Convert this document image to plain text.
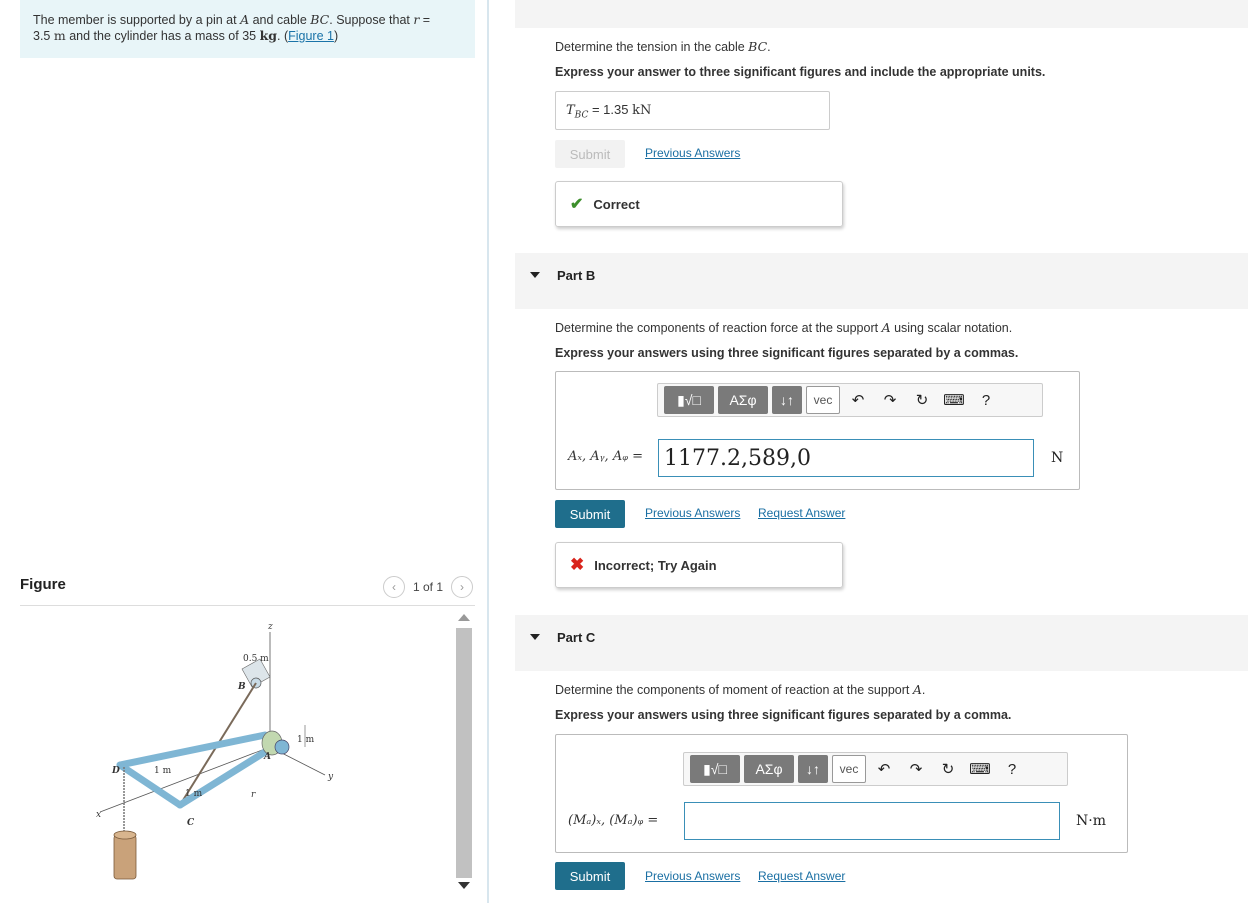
The member is supported by a pin at A and cable BC. Suppose that r =
3.5 m and the cylinder has a mass of 35 kg. (Figure 1)
Figure	‹ 1 of 1 ›
z
0.5 m
B
1 m
A
D	1 m
1 m	r
y
x
C
Determine the tension in the cable BC.
Express your answer to three significant figures and include the appropriate units.
$T_{BC} = 1.35$ kN
Submit	Previous Answers
✔ Correct
Part B
Determine the components of reaction force at the support A using scalar notation.
Express your answers using three significant figures separated by a commas.
▮√□ ΑΣφ ↓↑ vec	↶	↷	↻ ⌨ ?
Aₓ, Aᵧ, Aᵩ = 1177.2,589,0	N
Submit	Previous Answers Request Answer
✖ Incorrect; Try Again
Part C
Determine the components of moment of reaction at the support A.
Express your answers using three significant figures separated by a comma.
▮√□ ΑΣφ ↓↑ vec	↶	↷	↻ ⌨ ?
(Mₐ)ₓ, (Mₐ)ᵩ =	N·m
Submit	Previous Answers Request Answer
